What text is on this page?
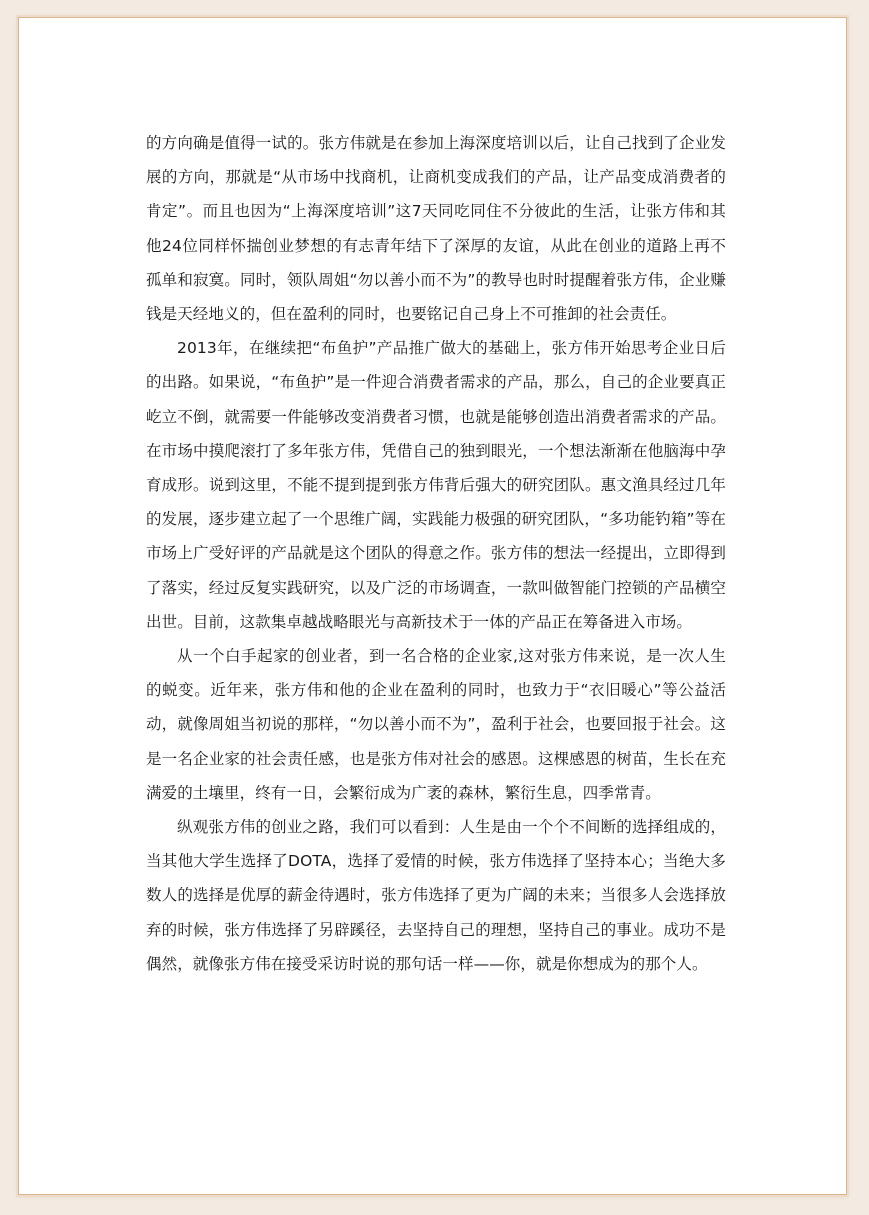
的方向确是值得一试的。张方伟就是在参加上海深度培训以后，让自己找到了企业发展的方向，那就是“从市场中找商机，让商机变成我们的产品，让产品变成消费者的肯定”。而且也因为“上海深度培训”这7天同吃同住不分彼此的生活，让张方伟和其他24位同样怀揣创业梦想的有志青年结下了深厚的友谊，从此在创业的道路上再不孤单和寂寞。同时，领队周姐“勿以善小而不为”的教导也时时提醒着张方伟，企业赚钱是天经地义的，但在盈利的同时，也要铭记自己身上不可推卸的社会责任。

2013年，在继续把“布鱼护”产品推广做大的基础上，张方伟开始思考企业日后的出路。如果说，“布鱼护”是一件迎合消费者需求的产品，那么，自己的企业要真正屹立不倒，就需要一件能够改变消费者习惯，也就是能够创造出消费者需求的产品。在市场中摸爬滚打了多年张方伟，凭借自己的独到眼光，一个想法渐渐在他脑海中孕育成形。说到这里，不能不提到提到张方伟背后强大的研究团队。惠文渔具经过几年的发展，逐步建立起了一个思维广阔，实践能力极强的研究团队，“多功能钓箱”等在市场上广受好评的产品就是这个团队的得意之作。张方伟的想法一经提出，立即得到了落实，经过反复实践研究，以及广泛的市场调查，一款叫做智能门控锁的产品横空出世。目前，这款集卓越战略眼光与高新技术于一体的产品正在筹备进入市场。

从一个白手起家的创业者，到一名合格的企业家,这对张方伟来说，是一次人生的蜕变。近年来，张方伟和他的企业在盈利的同时，也致力于“衣旧暖心”等公益活动，就像周姐当初说的那样，“勿以善小而不为”，盈利于社会，也要回报于社会。这是一名企业家的社会责任感，也是张方伟对社会的感恩。这棵感恩的树苗，生长在充满爱的土壤里，终有一日，会繁衍成为广袤的森林，繁衍生息，四季常青。

纵观张方伟的创业之路，我们可以看到：人生是由一个个不间断的选择组成的，当其他大学生选择了DOTA，选择了爱情的时候，张方伟选择了坚持本心；当绝大多数人的选择是优厚的薪金待遇时，张方伟选择了更为广阔的未来；当很多人会选择放弃的时候，张方伟选择了另辟蹊径，去坚持自己的理想，坚持自己的事业。成功不是偶然，就像张方伟在接受采访时说的那句话一样——你，就是你想成为的那个人。
